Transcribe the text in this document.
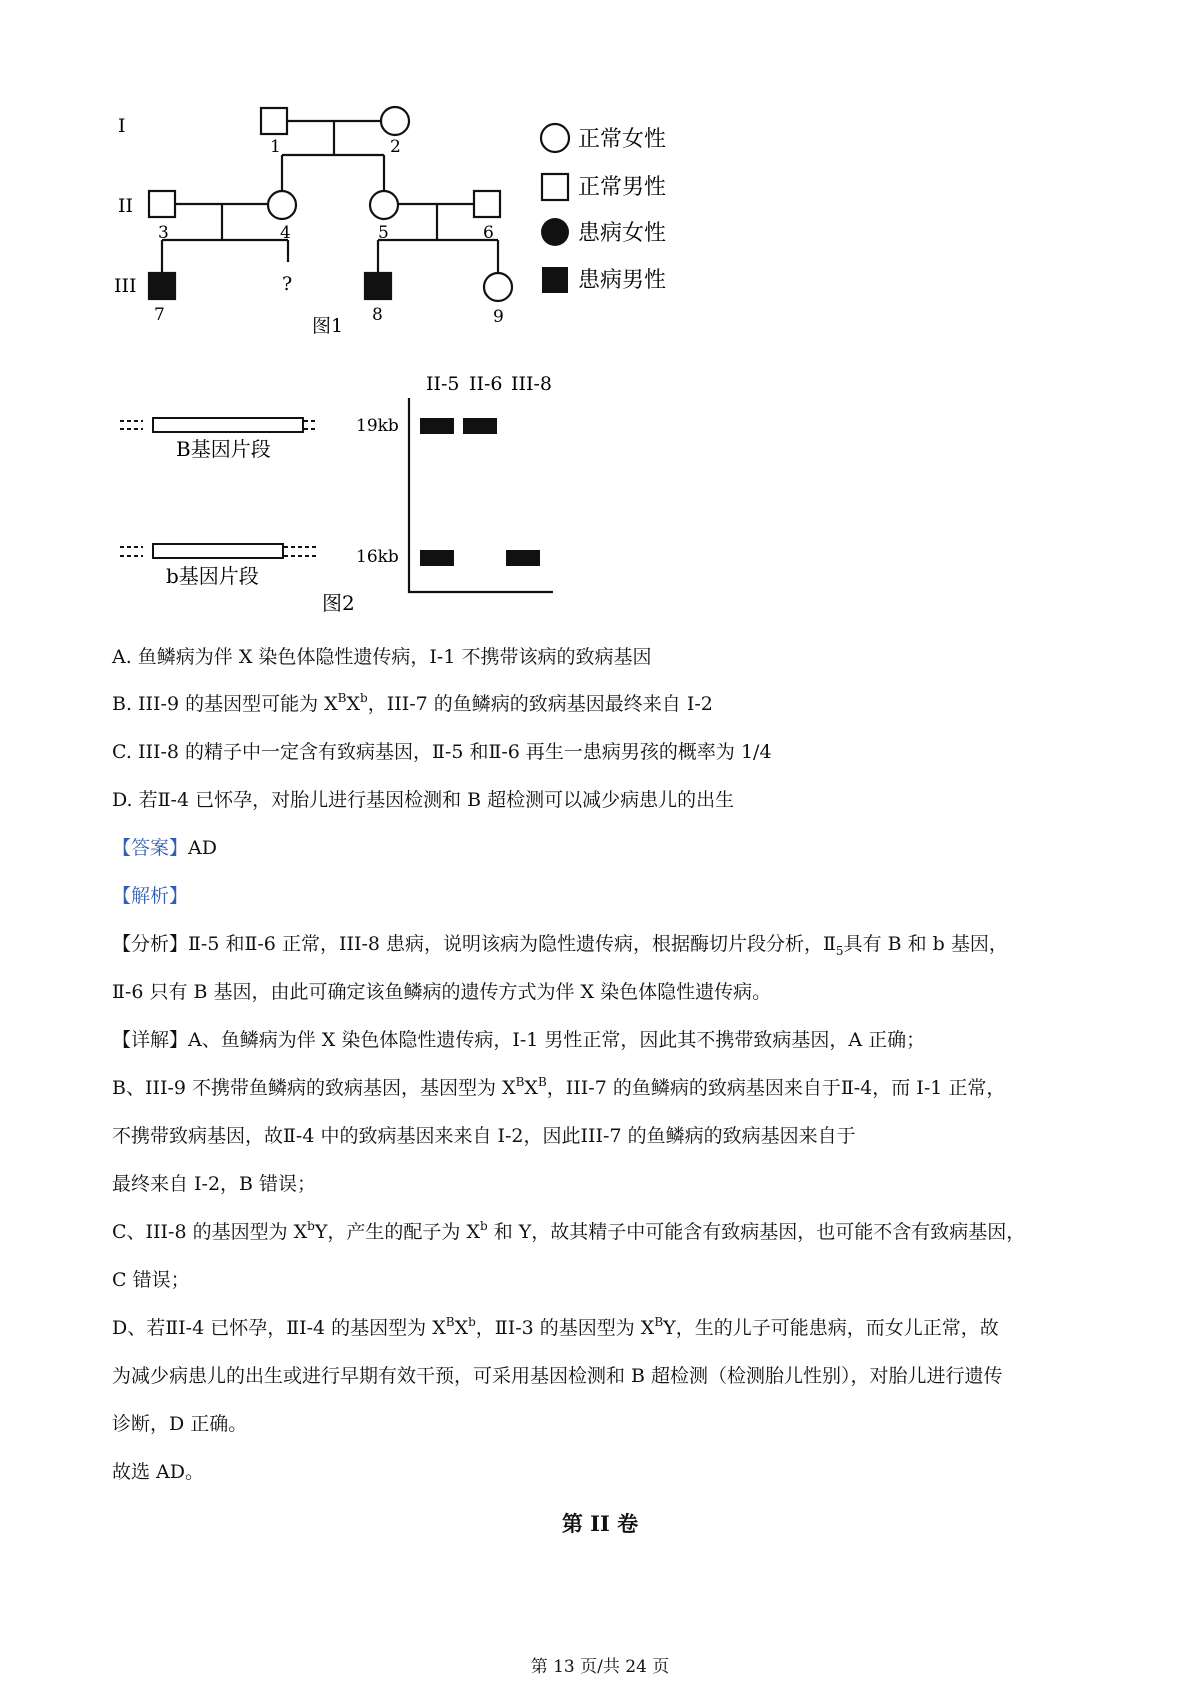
I
II
III
1	2
3	4	5	6
7	8	9
?
图1
正常女性
正常男性
患病女性
患病男性
B基因片段
b基因片段
图2
II-5 II-6 III-8
19kb
16kb
A. 鱼鳞病为伴 X 染色体隐性遗传病，I-1 不携带该病的致病基因
B. III-9 的基因型可能为 $X^BX^b$，III-7 的鱼鳞病的致病基因最终来自 I-2
C. III-8 的精子中一定含有致病基因，Ⅱ-5 和Ⅱ-6 再生一患病男孩的概率为 1/4
D. 若Ⅱ-4 已怀孕，对胎儿进行基因检测和 B 超检测可以减少病患儿的出生
【答案】AD
【解析】
【分析】Ⅱ-5 和Ⅱ-6 正常，III-8 患病，说明该病为隐性遗传病，根据酶切片段分析，$Ⅱ_5$具有 B 和 b 基因，
Ⅱ-6 只有 B 基因，由此可确定该鱼鳞病的遗传方式为伴 X 染色体隐性遗传病。
【详解】A、鱼鳞病为伴 X 染色体隐性遗传病，I-1 男性正常，因此其不携带致病基因，A 正确；
B、III-9 不携带鱼鳞病的致病基因，基因型为 $X^BX^B$，III-7 的鱼鳞病的致病基因来自于Ⅱ-4，而 I-1 正常，
不携带致病基因，故Ⅱ-4 中的致病基因来来自 I-2，因此III-7 的鱼鳞病的致病基因来自于
最终来自 I-2，B 错误；
C、III-8 的基因型为 $X^bY$，产生的配子为 $X^b$ 和 Y，故其精子中可能含有致病基因，也可能不含有致病基因，
C 错误；
D、若ⅡI-4 已怀孕，ⅡI-4 的基因型为 $X^BX^b$，ⅡI-3 的基因型为 $X^BY$，生的儿子可能患病，而女儿正常，故
为减少病患儿的出生或进行早期有效干预，可采用基因检测和 B 超检测（检测胎儿性别），对胎儿进行遗传
诊断，D 正确。
故选 AD。
第 II 卷
第 13 页/共 24 页
